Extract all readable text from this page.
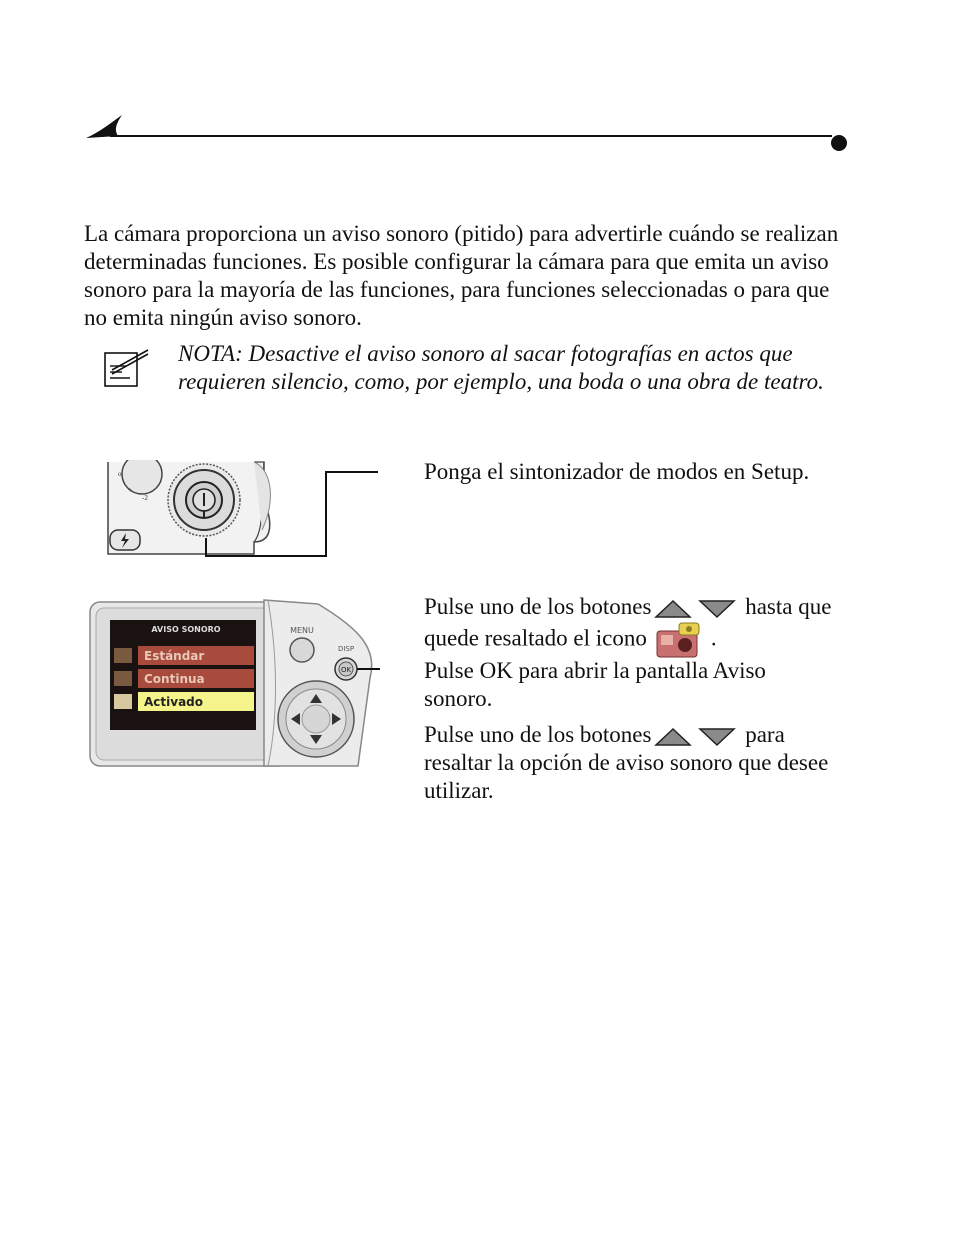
La cámara proporciona un aviso sonoro (pitido) para advertirle cuándo se realizan determinadas funciones. Es posible configurar la cámara para que emita un aviso sonoro para la mayoría de las funciones, para funciones seleccionadas o para que no emita ningún aviso sonoro.

NOTA: Desactive el aviso sonoro al sacar fotografías en actos que requieren silencio, como, por ejemplo, una boda o una obra de teatro.

o
+
-2

Ponga el sintonizador de modos en Setup.

AVISO SONORO
Estándar
Continua
Activado
MENU
DISP
OK

Pulse uno de los botones	hasta que quede resaltado el icono	.

Pulse OK para abrir la pantalla Aviso sonoro.

Pulse uno de los botones	para resaltar la opción de aviso sonoro que desee utilizar.
